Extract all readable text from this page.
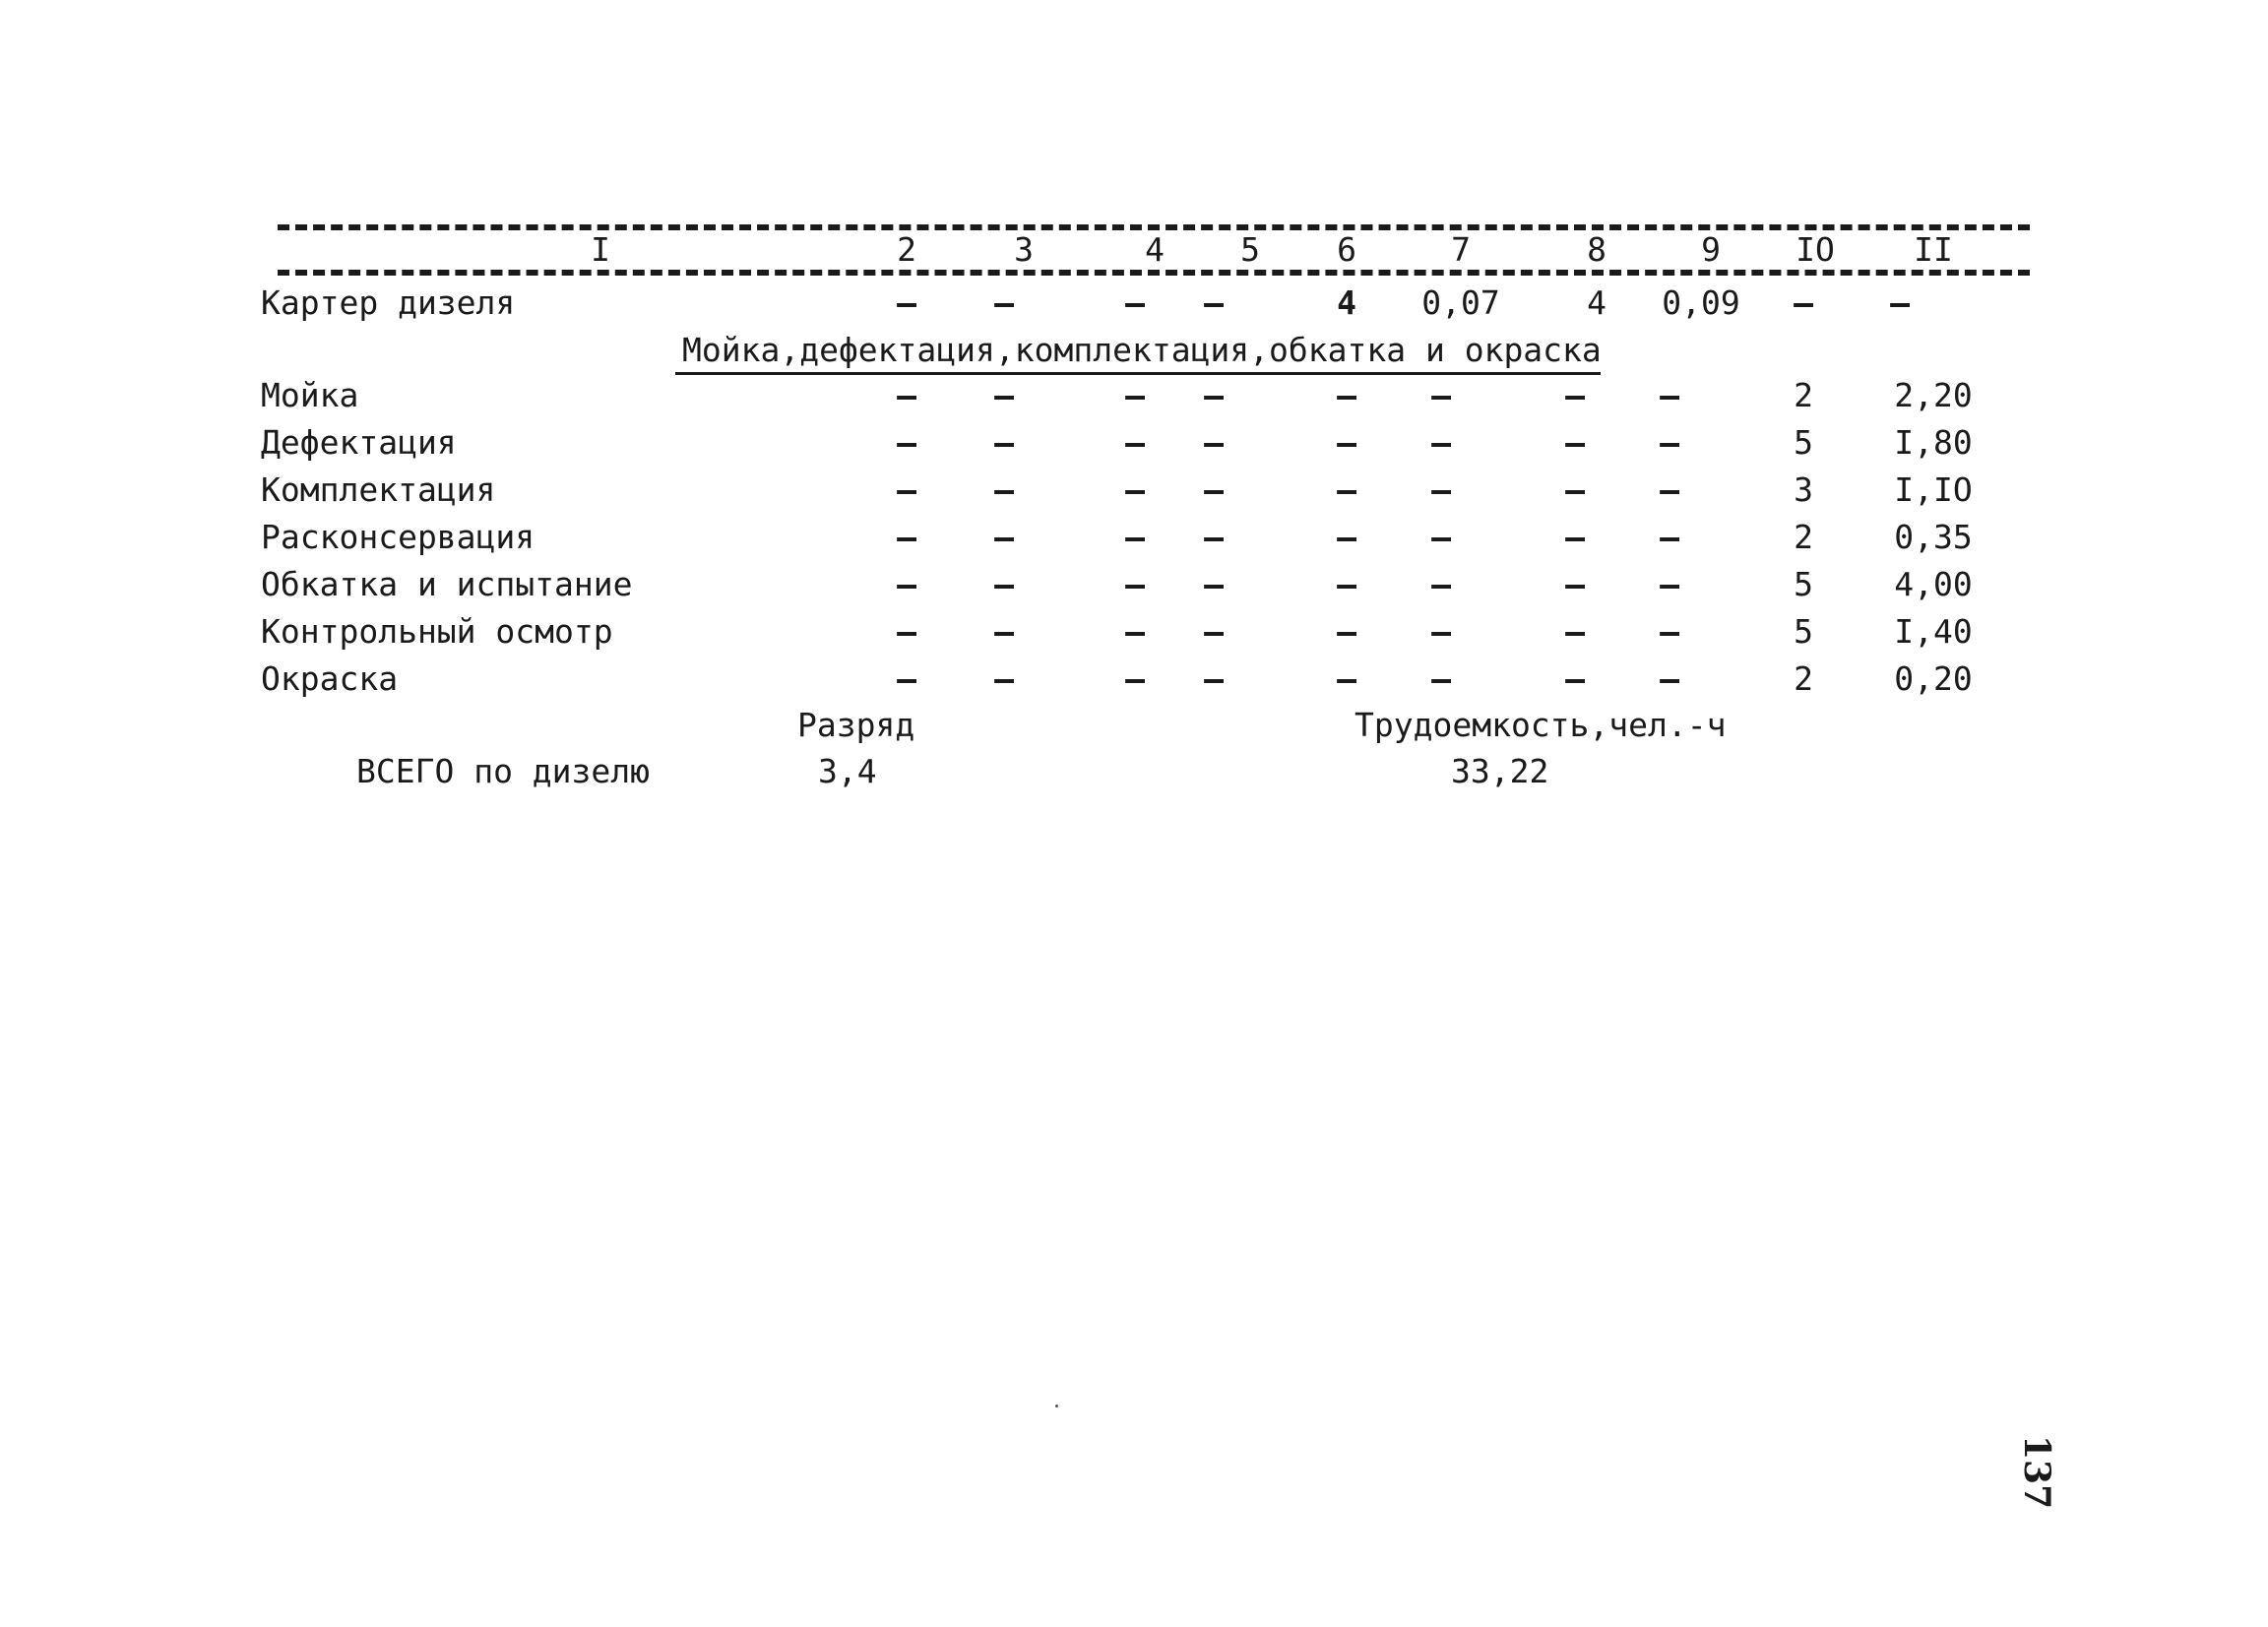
I	2	3	4	5	6	7	8	9	IO	II
Картер дизеля	–	–	–	–	4	0,07	4	0,09	–	–
Мойка,дефектация,комплектация,обкатка и окраска
Мойка	–	–	–	–	–	–	–	–	2	2,20
Дефектация	–	–	–	–	–	–	–	–	5	I,80
Комплектация	–	–	–	–	–	–	–	–	3	I,IO
Расконсервация	–	–	–	–	–	–	–	–	2	0,35
Обкатка и испытание	–	–	–	–	–	–	–	–	5	4,00
Контрольный осмотр	–	–	–	–	–	–	–	–	5	I,40
Окраска	–	–	–	–	–	–	–	–	2	0,20
Разряд	Трудоемкость,чел.-ч
ВСЕГО по дизелю	3,4	33,22
137
